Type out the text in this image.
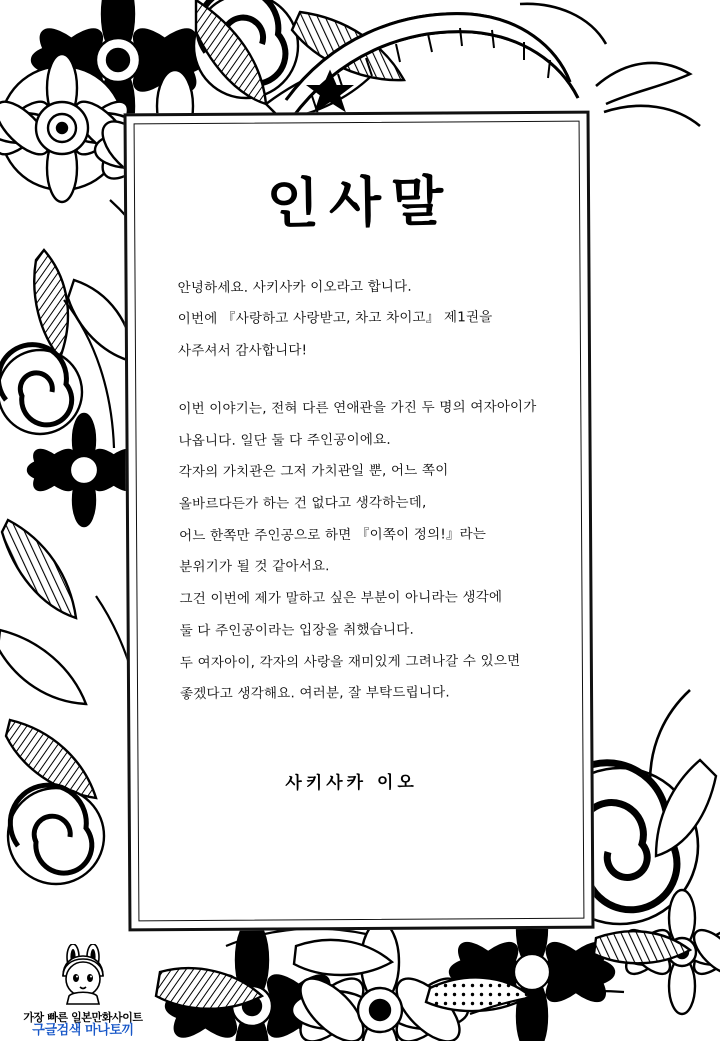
인사말

안녕하세요. 사키사카 이오라고 합니다.
이번에 『사랑하고 사랑받고, 차고 차이고』 제1권을
사주셔서 감사합니다!

이번 이야기는, 전혀 다른 연애관을 가진 두 명의 여자아이가
나옵니다. 일단 둘 다 주인공이에요.
각자의 가치관은 그저 가치관일 뿐, 어느 쪽이
올바르다든가 하는 건 없다고 생각하는데,
어느 한쪽만 주인공으로 하면 『이쪽이 정의!』라는
분위기가 될 것 같아서요.
그건 이번에 제가 말하고 싶은 부분이 아니라는 생각에
둘 다 주인공이라는 입장을 취했습니다.
두 여자아이, 각자의 사랑을 재미있게 그려나갈 수 있으면
좋겠다고 생각해요. 여러분, 잘 부탁드립니다.

사키사카 이오
가장 빠른 일본만화사이트
구글검색 마나토끼
